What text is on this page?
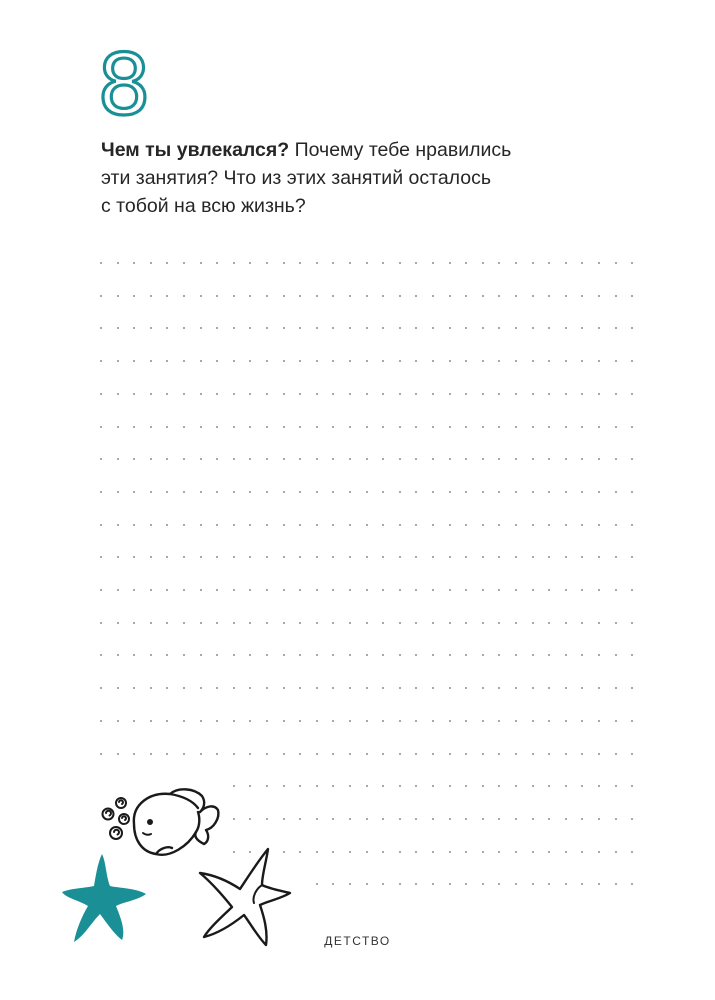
8

Чем ты увлекался? Почему тебе нравились
эти занятия? Что из этих занятий осталось
с тобой на всю жизнь?

ДЕТСТВО
